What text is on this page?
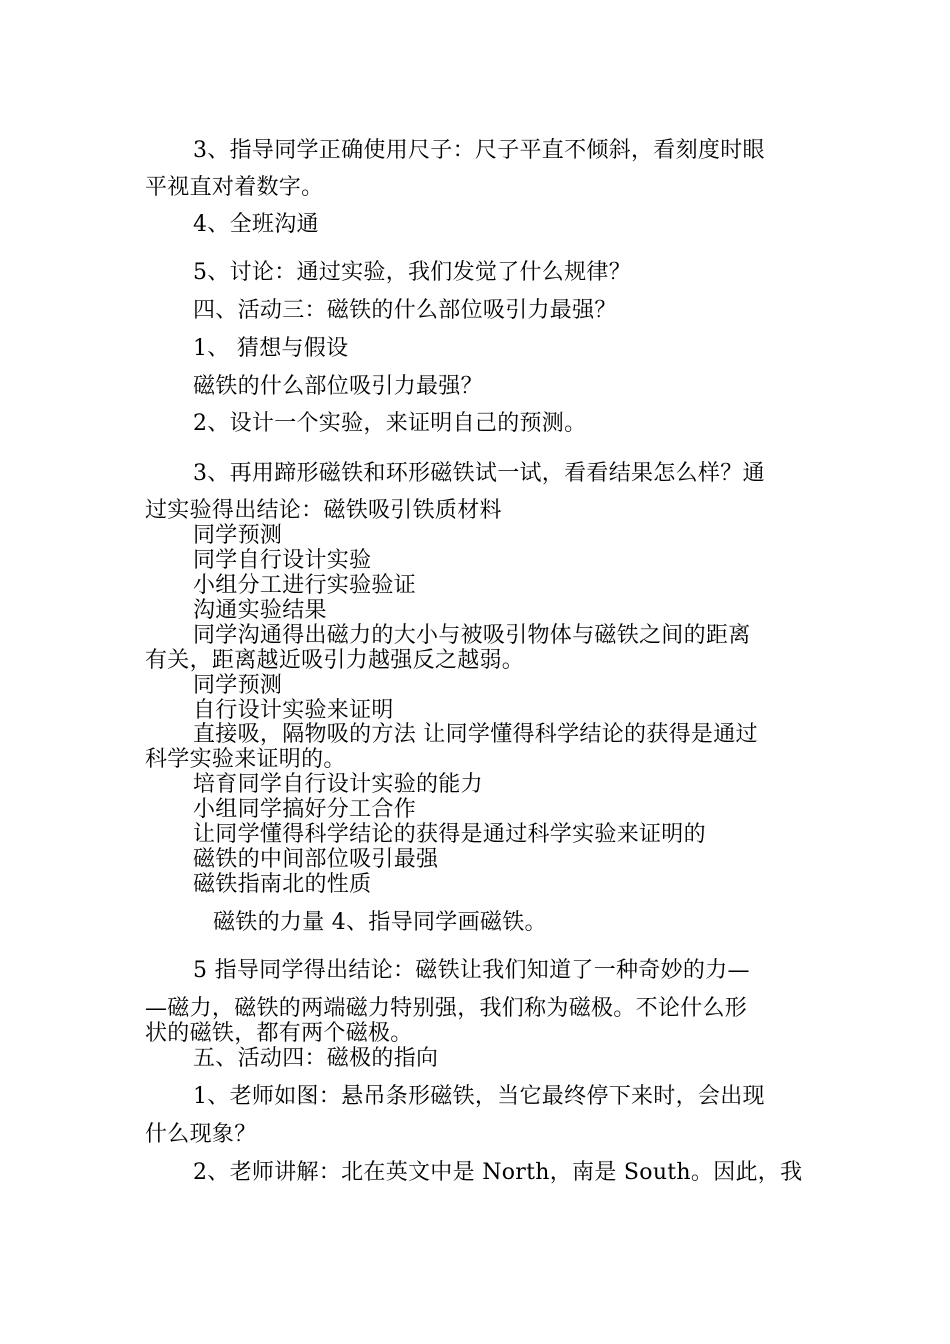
3、指导同学正确使用尺子：尺子平直不倾斜，看刻度时眼
平视直对着数字。
4、全班沟通
5、讨论：通过实验，我们发觉了什么规律？
四、活动三：磁铁的什么部位吸引力最强？
1、 猜想与假设
磁铁的什么部位吸引力最强？
2、设计一个实验，来证明自己的预测。
3、再用蹄形磁铁和环形磁铁试一试，看看结果怎么样？通
过实验得出结论：磁铁吸引铁质材料
同学预测
同学自行设计实验
小组分工进行实验验证
沟通实验结果
同学沟通得出磁力的大小与被吸引物体与磁铁之间的距离
有关，距离越近吸引力越强反之越弱。
同学预测
自行设计实验来证明
直接吸，隔物吸的方法 让同学懂得科学结论的获得是通过
科学实验来证明的。
培育同学自行设计实验的能力
小组同学搞好分工合作
让同学懂得科学结论的获得是通过科学实验来证明的
磁铁的中间部位吸引最强
磁铁指南北的性质
磁铁的力量 4、指导同学画磁铁。
5 指导同学得出结论：磁铁让我们知道了一种奇妙的力—
—磁力，磁铁的两端磁力特别强，我们称为磁极。不论什么形
状的磁铁，都有两个磁极。
五、活动四：磁极的指向
1、老师如图：悬吊条形磁铁，当它最终停下来时，会出现
什么现象？
2、老师讲解：北在英文中是 North，南是 South。因此，我
